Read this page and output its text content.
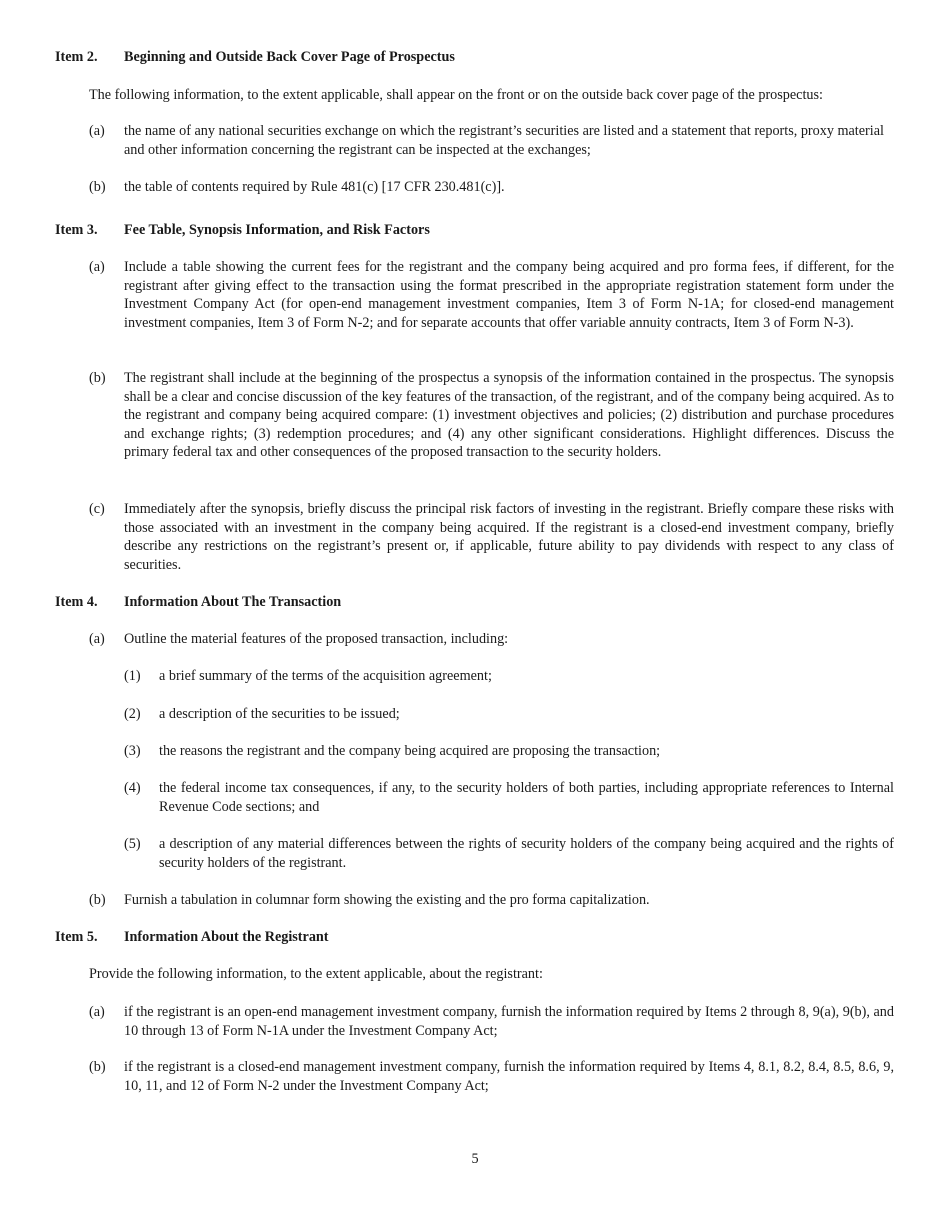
Item 2. Beginning and Outside Back Cover Page of Prospectus
The following information, to the extent applicable, shall appear on the front or on the outside back cover page of the prospectus:
(a) the name of any national securities exchange on which the registrant’s securities are listed and a statement that reports, proxy material and other information concerning the registrant can be inspected at the exchanges;
(b) the table of contents required by Rule 481(c) [17 CFR 230.481(c)].
Item 3. Fee Table, Synopsis Information, and Risk Factors
(a) Include a table showing the current fees for the registrant and the company being acquired and pro forma fees, if different, for the registrant after giving effect to the transaction using the format prescribed in the appropriate registration statement form under the Investment Company Act (for open-end management investment companies, Item 3 of Form N-1A; for closed-end management investment companies, Item 3 of Form N-2; and for separate accounts that offer variable annuity contracts, Item 3 of Form N-3).
(b) The registrant shall include at the beginning of the prospectus a synopsis of the information contained in the prospectus. The synopsis shall be a clear and concise discussion of the key features of the transaction, of the registrant, and of the company being acquired. As to the registrant and company being acquired compare: (1) investment objectives and policies; (2) distribution and purchase procedures and exchange rights; (3) redemption procedures; and (4) any other significant considerations. Highlight differences. Discuss the primary federal tax and other consequences of the proposed transaction to the security holders.
(c) Immediately after the synopsis, briefly discuss the principal risk factors of investing in the registrant. Briefly compare these risks with those associated with an investment in the company being acquired. If the registrant is a closed-end investment company, briefly describe any restrictions on the registrant’s present or, if applicable, future ability to pay dividends with respect to any class of securities.
Item 4. Information About The Transaction
(a) Outline the material features of the proposed transaction, including:
(1) a brief summary of the terms of the acquisition agreement;
(2) a description of the securities to be issued;
(3) the reasons the registrant and the company being acquired are proposing the transaction;
(4) the federal income tax consequences, if any, to the security holders of both parties, including appropriate references to Internal Revenue Code sections; and
(5) a description of any material differences between the rights of security holders of the company being acquired and the rights of security holders of the registrant.
(b) Furnish a tabulation in columnar form showing the existing and the pro forma capitalization.
Item 5. Information About the Registrant
Provide the following information, to the extent applicable, about the registrant:
(a) if the registrant is an open-end management investment company, furnish the information required by Items 2 through 8, 9(a), 9(b), and 10 through 13 of Form N-1A under the Investment Company Act;
(b) if the registrant is a closed-end management investment company, furnish the information required by Items 4, 8.1, 8.2, 8.4, 8.5, 8.6, 9, 10, 11, and 12 of Form N-2 under the Investment Company Act;
5
